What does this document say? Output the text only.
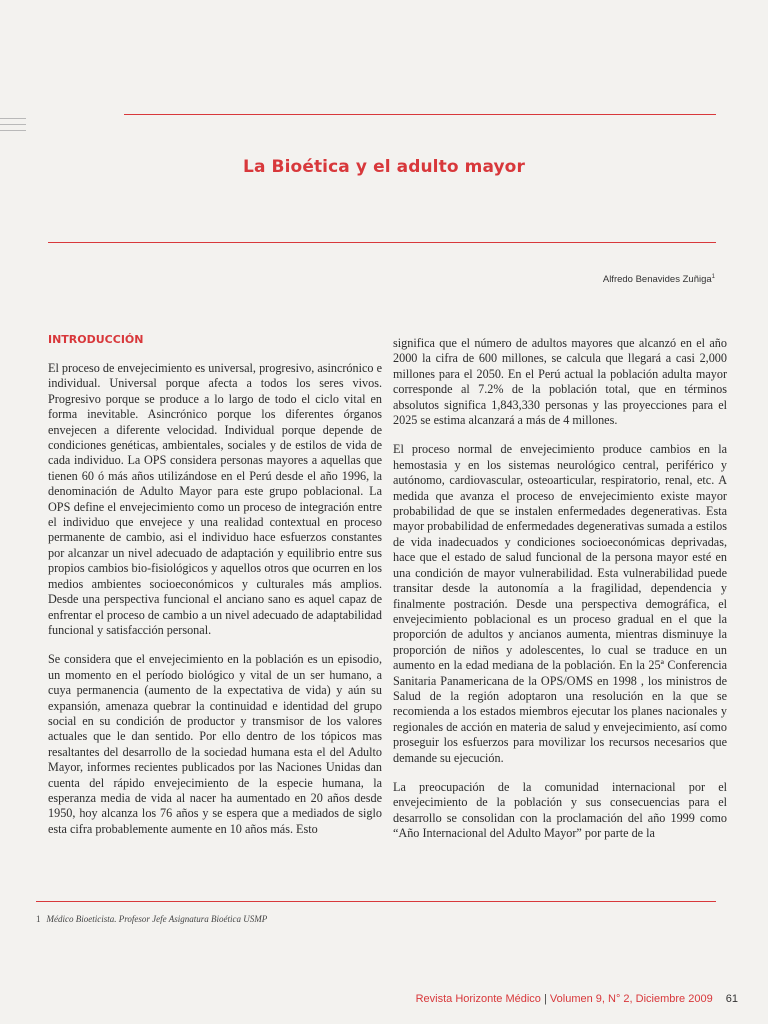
La Bioética y el adulto mayor
Alfredo Benavides Zuñiga$^1$
INTRODUCCIÓN

El proceso de envejecimiento es universal, progresivo, asincrónico e individual. Universal porque afecta a todos los seres vivos. Progresivo porque se produce a lo largo de todo el ciclo vital en forma inevitable. Asincrónico porque los diferentes órganos envejecen a diferente velocidad. Individual porque depende de condiciones genéticas, ambientales, sociales y de estilos de vida de cada individuo. La OPS considera personas mayores a aquellas que tienen 60 ó más años utilizándose en el Perú desde el año 1996, la denominación de Adulto Mayor para este grupo poblacional. La OPS define el envejecimiento como un proceso de integración entre el individuo que envejece y una realidad contextual en proceso permanente de cambio, asi el individuo hace esfuerzos constantes por alcanzar un nivel adecuado de adaptación y equilibrio entre sus propios cambios bio-fisiológicos y aquellos otros que ocurren en los medios ambientes socioeconómicos y culturales más amplios. Desde una perspectiva funcional el anciano sano es aquel capaz de enfrentar el proceso de cambio a un nivel adecuado de adaptabilidad funcional y satisfacción personal.

Se considera que el envejecimiento en la población es un episodio, un momento en el período biológico y vital de un ser humano, a cuya permanencia (aumento de la expectativa de vida) y aún su expansión, amenaza quebrar la continuidad e identidad del grupo social en su condición de productor y transmisor de los valores actuales que le dan sentido. Por ello dentro de los tópicos mas resaltantes del desarrollo de la sociedad humana esta el del Adulto Mayor, informes recientes publicados por las Naciones Unidas dan cuenta del rápido envejecimiento de la especie humana, la esperanza media de vida al nacer ha aumentado en 20 años desde 1950, hoy alcanza los 76 años y se espera que a mediados de siglo esta cifra probablemente aumente en 10 años más. Esto

significa que el número de adultos mayores que alcanzó en el año 2000 la cifra de 600 millones, se calcula que llegará a casi 2,000 millones para el 2050. En el Perú actual la población adulta mayor corresponde al 7.2% de la población total, que en términos absolutos significa 1,843,330 personas y las proyecciones para el 2025 se estima alcanzará a más de 4 millones.

El proceso normal de envejecimiento produce cambios en la hemostasia y en los sistemas neurológico central, periférico y autónomo, cardiovascular, osteoarticular, respiratorio, renal, etc. A medida que avanza el proceso de envejecimiento existe mayor probabilidad de que se instalen enfermedades degenerativas. Esta mayor probabilidad de enfermedades degenerativas sumada a estilos de vida inadecuados y condiciones socioeconómicas deprivadas, hace que el estado de salud funcional de la persona mayor esté en una condición de mayor vulnerabilidad. Esta vulnerabilidad puede transitar desde la autonomía a la fragilidad, dependencia y finalmente postración. Desde una perspectiva demográfica, el envejecimiento poblacional es un proceso gradual en el que la proporción de adultos y ancianos aumenta, mientras disminuye la proporción de niños y adolescentes, lo cual se traduce en un aumento en la edad mediana de la población. En la 25ª Conferencia Sanitaria Panamericana de la OPS/OMS en 1998 , los ministros de Salud de la región adoptaron una resolución en la que se recomienda a los estados miembros ejecutar los planes nacionales y regionales de acción en materia de salud y envejecimiento, así como proseguir los esfuerzos para movilizar los recursos necesarios que demande su ejecución.

La preocupación de la comunidad internacional por el envejecimiento de la población y sus consecuencias para el desarrollo se consolidan con la proclamación del año 1999 como “Año Internacional del Adulto Mayor” por parte de la

1 Médico Bioeticista. Profesor Jefe Asignatura Bioética USMP
Revista Horizonte Médico | Volumen 9, N° 2, Diciembre 2009 61
